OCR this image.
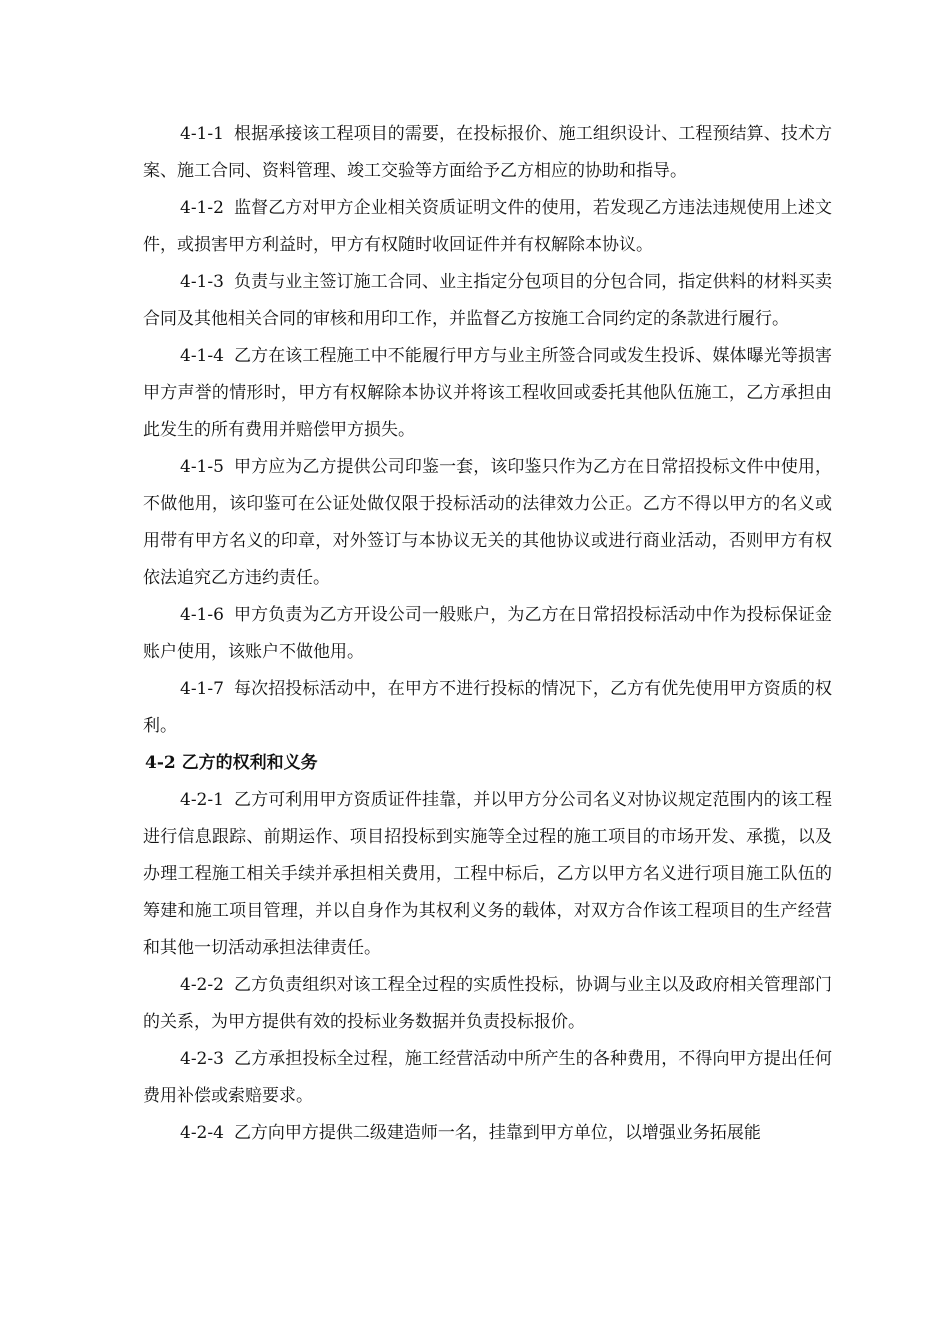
4-1-1 根据承接该工程项目的需要，在投标报价、施工组织设计、工程预结算、技术方案、施工合同、资料管理、竣工交验等方面给予乙方相应的协助和指导。

4-1-2 监督乙方对甲方企业相关资质证明文件的使用，若发现乙方违法违规使用上述文件，或损害甲方利益时，甲方有权随时收回证件并有权解除本协议。

4-1-3 负责与业主签订施工合同、业主指定分包项目的分包合同，指定供料的材料买卖合同及其他相关合同的审核和用印工作，并监督乙方按施工合同约定的条款进行履行。

4-1-4 乙方在该工程施工中不能履行甲方与业主所签合同或发生投诉、媒体曝光等损害甲方声誉的情形时，甲方有权解除本协议并将该工程收回或委托其他队伍施工，乙方承担由此发生的所有费用并赔偿甲方损失。

4-1-5 甲方应为乙方提供公司印鉴一套，该印鉴只作为乙方在日常招投标文件中使用，不做他用，该印鉴可在公证处做仅限于投标活动的法律效力公正。乙方不得以甲方的名义或用带有甲方名义的印章，对外签订与本协议无关的其他协议或进行商业活动，否则甲方有权依法追究乙方违约责任。

4-1-6 甲方负责为乙方开设公司一般账户，为乙方在日常招投标活动中作为投标保证金账户使用，该账户不做他用。

4-1-7 每次招投标活动中，在甲方不进行投标的情况下，乙方有优先使用甲方资质的权利。

4-2 乙方的权利和义务

4-2-1 乙方可利用甲方资质证件挂靠，并以甲方分公司名义对协议规定范围内的该工程进行信息跟踪、前期运作、项目招投标到实施等全过程的施工项目的市场开发、承揽，以及办理工程施工相关手续并承担相关费用，工程中标后，乙方以甲方名义进行项目施工队伍的筹建和施工项目管理，并以自身作为其权利义务的载体，对双方合作该工程项目的生产经营和其他一切活动承担法律责任。

4-2-2 乙方负责组织对该工程全过程的实质性投标，协调与业主以及政府相关管理部门的关系，为甲方提供有效的投标业务数据并负责投标报价。

4-2-3 乙方承担投标全过程，施工经营活动中所产生的各种费用，不得向甲方提出任何费用补偿或索赔要求。

4-2-4 乙方向甲方提供二级建造师一名，挂靠到甲方单位，以增强业务拓展能
